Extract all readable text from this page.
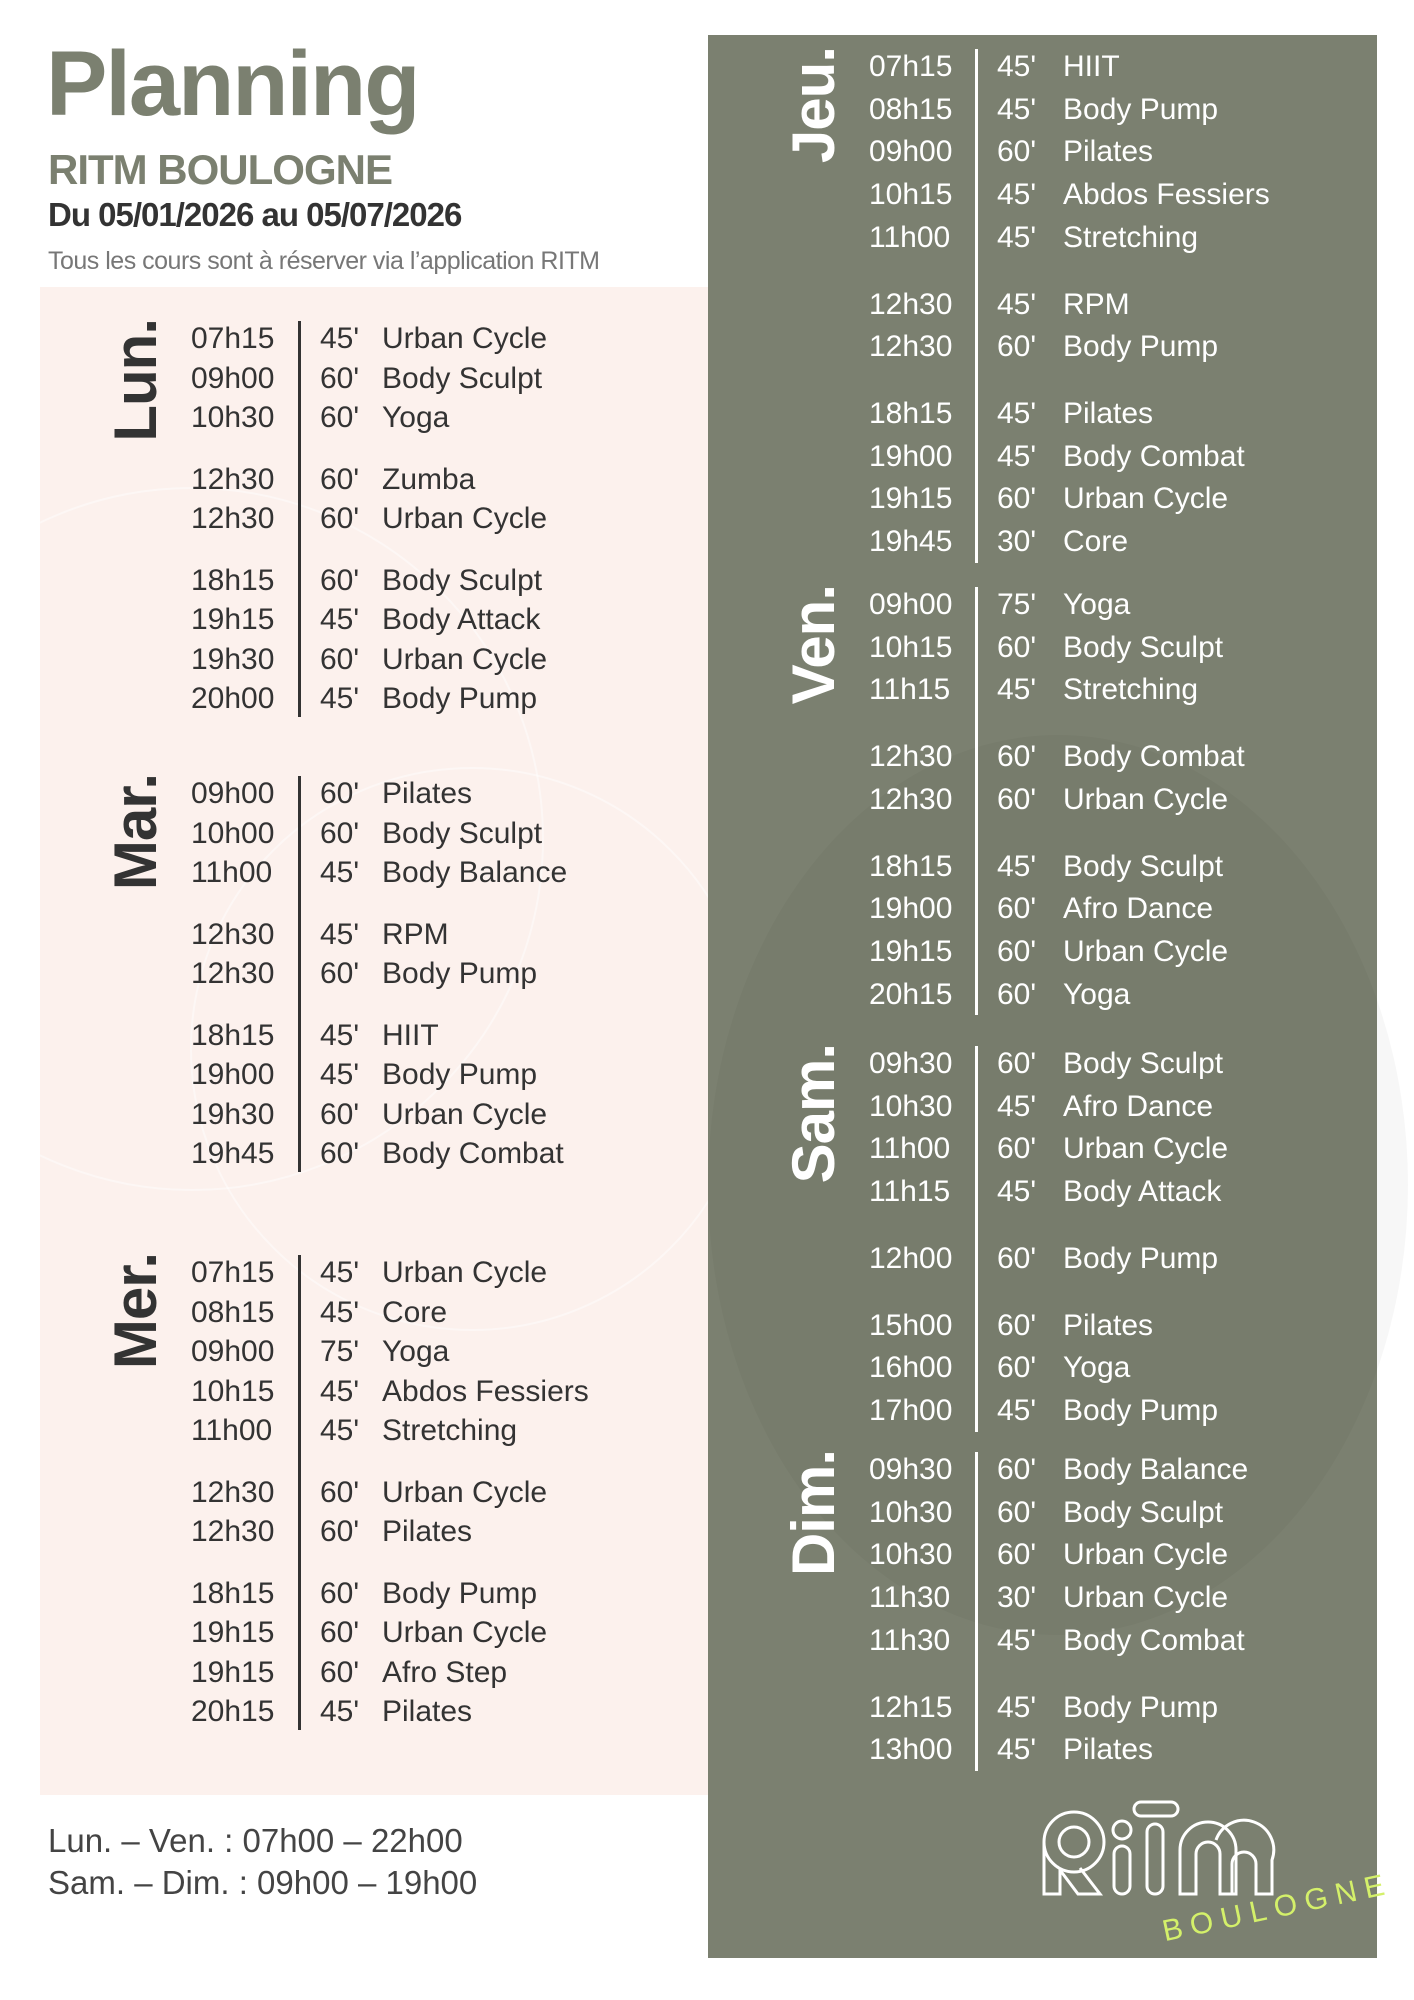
Planning
RITM BOULOGNE
Du 05/01/2026 au 05/07/2026
Tous les cours sont à réserver via l’application RITM
Lun. 07h15 45' Urban Cycle
09h00 60' Body Sculpt
10h30 60' Yoga
12h30 60' Zumba
12h30 60' Urban Cycle
18h15 60' Body Sculpt
19h15 45' Body Attack
19h30 60' Urban Cycle
20h00 45' Body Pump
Mar. 09h00 60' Pilates
10h00 60' Body Sculpt
11h00 45' Body Balance
12h30 45' RPM
12h30 60' Body Pump
18h15 45' HIIT
19h00 45' Body Pump
19h30 60' Urban Cycle
19h45 60' Body Combat
Mer. 07h15 45' Urban Cycle
08h15 45' Core
09h00 75' Yoga
10h15 45' Abdos Fessiers
11h00 45' Stretching
12h30 60' Urban Cycle
12h30 60' Pilates
18h15 60' Body Pump
19h15 60' Urban Cycle
19h15 60' Afro Step
20h15 45' Pilates
Jeu. 07h15 45' HIIT
08h15 45' Body Pump
09h00 60' Pilates
10h15 45' Abdos Fessiers
11h00 45' Stretching
12h30 45' RPM
12h30 60' Body Pump
18h15 45' Pilates
19h00 45' Body Combat
19h15 60' Urban Cycle
19h45 30' Core
Ven. 09h00 75' Yoga
10h15 60' Body Sculpt
11h15 45' Stretching
12h30 60' Body Combat
12h30 60' Urban Cycle
18h15 45' Body Sculpt
19h00 60' Afro Dance
19h15 60' Urban Cycle
20h15 60' Yoga
Sam. 09h30 60' Body Sculpt
10h30 45' Afro Dance
11h00 60' Urban Cycle
11h15 45' Body Attack
12h00 60' Body Pump
15h00 60' Pilates
16h00 60' Yoga
17h00 45' Body Pump
Dim. 09h30 60' Body Balance
10h30 60' Body Sculpt
10h30 60' Urban Cycle
11h30 30' Urban Cycle
11h30 45' Body Combat
12h15 45' Body Pump
13h00 45' Pilates
Lun. – Ven. : 07h00 – 22h00
Sam. – Dim. : 09h00 – 19h00	BOULOGNE
